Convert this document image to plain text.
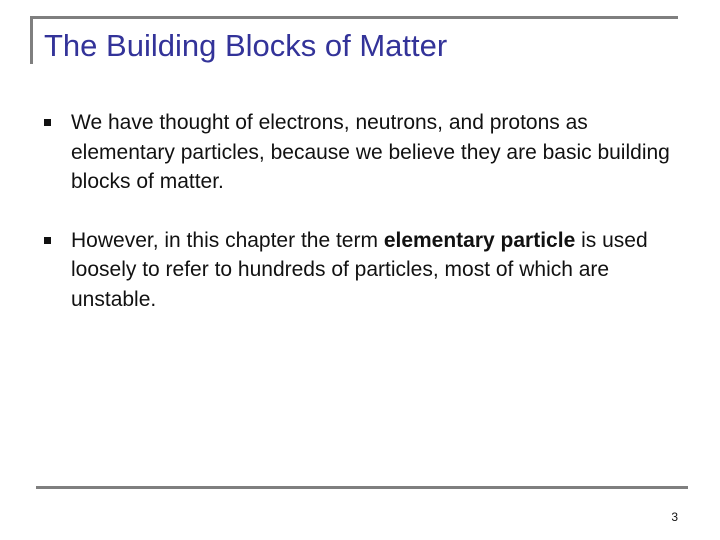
The Building Blocks of Matter
We have thought of electrons, neutrons, and protons as elementary particles, because we believe they are basic building blocks of matter.
However, in this chapter the term elementary particle is used loosely to refer to hundreds of particles, most of which are unstable.
3
